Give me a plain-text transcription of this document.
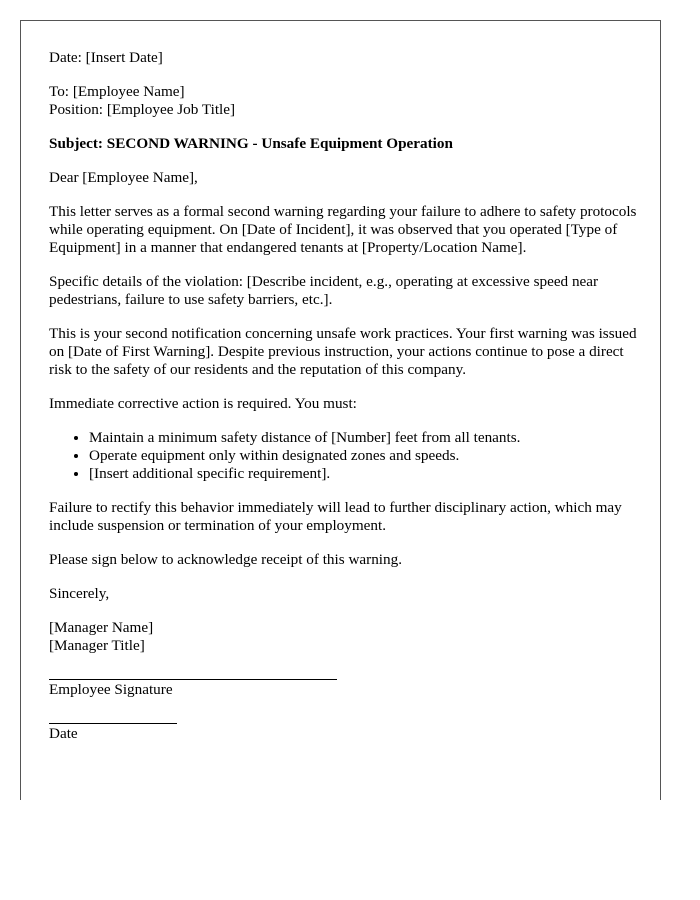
Date: [Insert Date]

To: [Employee Name]
Position: [Employee Job Title]

Subject: SECOND WARNING - Unsafe Equipment Operation

Dear [Employee Name],

This letter serves as a formal second warning regarding your failure to adhere to safety protocols while operating equipment. On [Date of Incident], it was observed that you operated [Type of Equipment] in a manner that endangered tenants at [Property/Location Name].

Specific details of the violation: [Describe incident, e.g., operating at excessive speed near pedestrians, failure to use safety barriers, etc.].

This is your second notification concerning unsafe work practices. Your first warning was issued on [Date of First Warning]. Despite previous instruction, your actions continue to pose a direct risk to the safety of our residents and the reputation of this company.

Immediate corrective action is required. You must:

• Maintain a minimum safety distance of [Number] feet from all tenants.
• Operate equipment only within designated zones and speeds.
• [Insert additional specific requirement].

Failure to rectify this behavior immediately will lead to further disciplinary action, which may include suspension or termination of your employment.

Please sign below to acknowledge receipt of this warning.

Sincerely,

[Manager Name]
[Manager Title]

Employee Signature
Date
